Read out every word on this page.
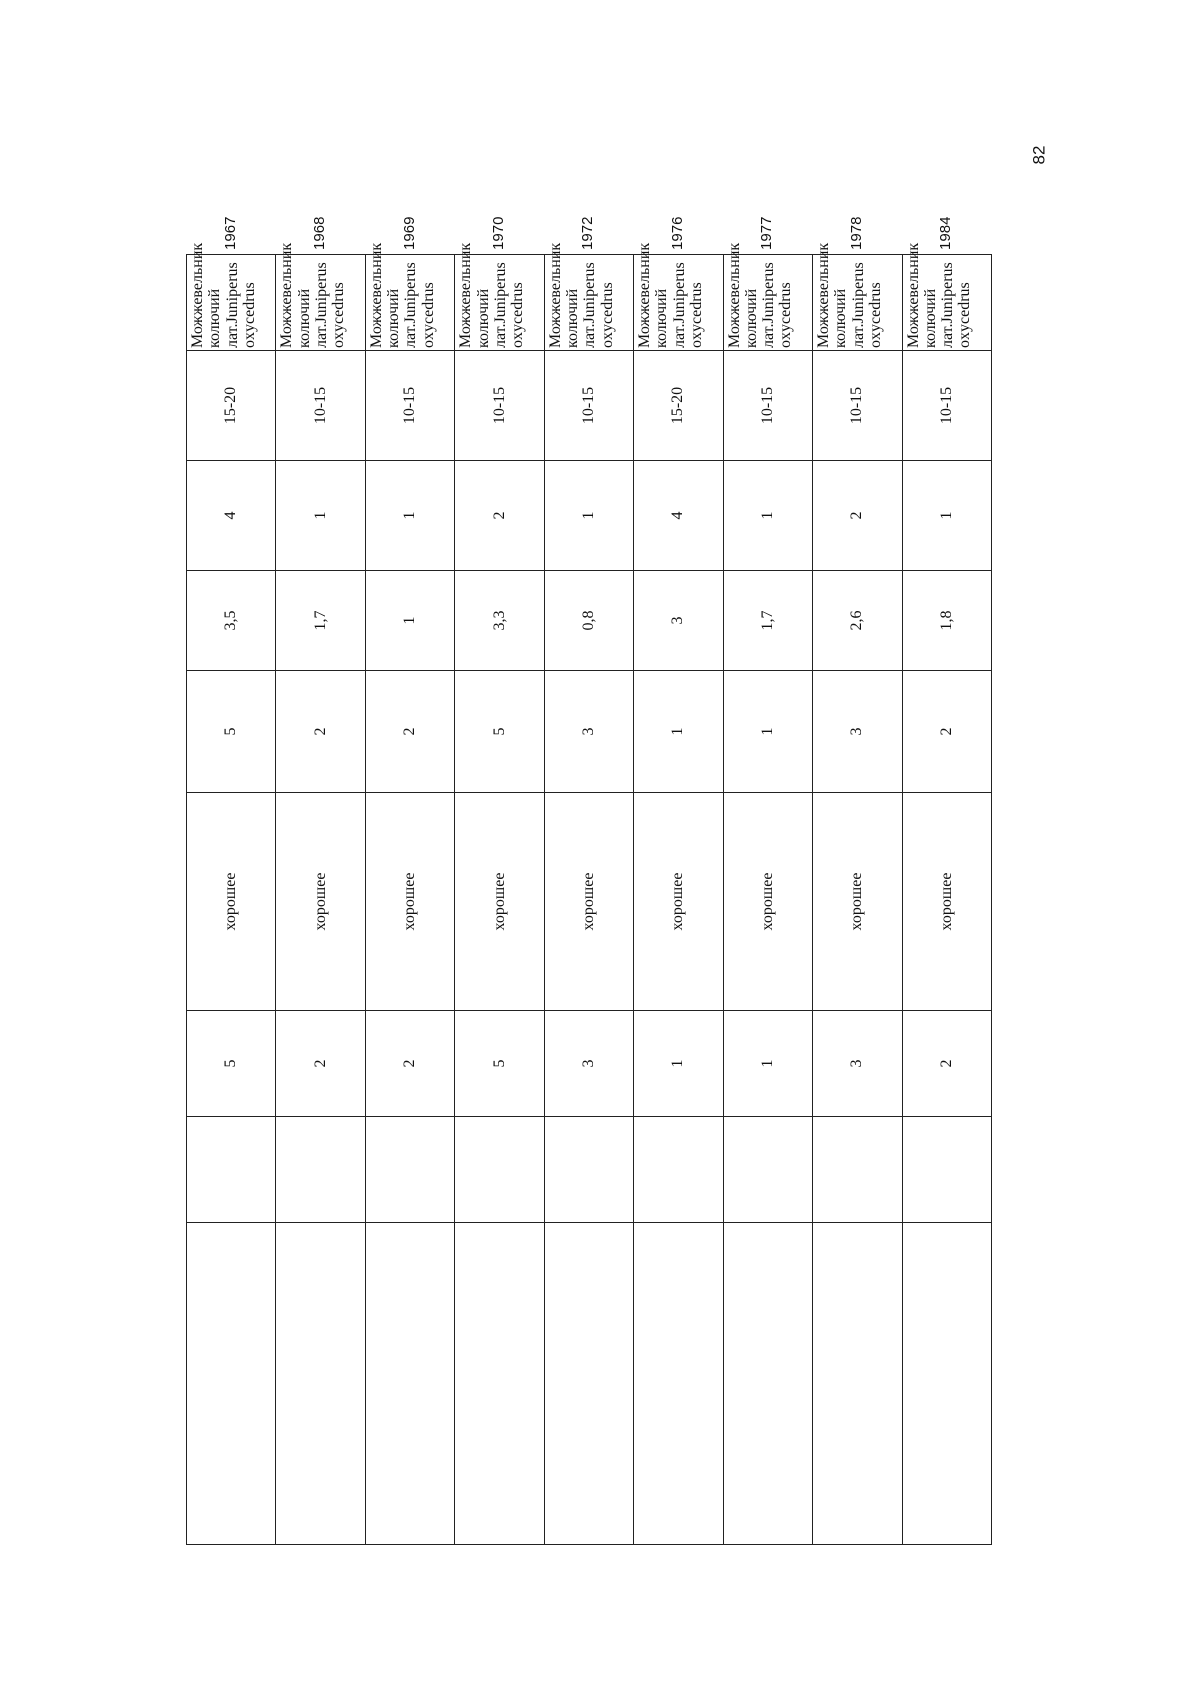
82
		5	хорошее	5	3,5	4	15-20	Можжевельник колючий лат.Juniperus oxycedrus	1967
		2	хорошее	2	1,7	1	10-15	Можжевельник колючий лат.Juniperus oxycedrus	1968
		2	хорошее	2	1	1	10-15	Можжевельник колючий лат.Juniperus oxycedrus	1969
		5	хорошее	5	3,3	2	10-15	Можжевельник колючий лат.Juniperus oxycedrus	1970
		3	хорошее	3	0,8	1	10-15	Можжевельник колючий лат.Juniperus oxycedrus	1972
		1	хорошее	1	3	4	15-20	Можжевельник колючий лат.Juniperus oxycedrus	1976
		1	хорошее	1	1,7	1	10-15	Можжевельник колючий лат.Juniperus oxycedrus	1977
		3	хорошее	3	2,6	2	10-15	Можжевельник колючий лат.Juniperus oxycedrus	1978
		2	хорошее	2	1,8	1	10-15	Можжевельник колючий лат.Juniperus oxycedrus	1984
